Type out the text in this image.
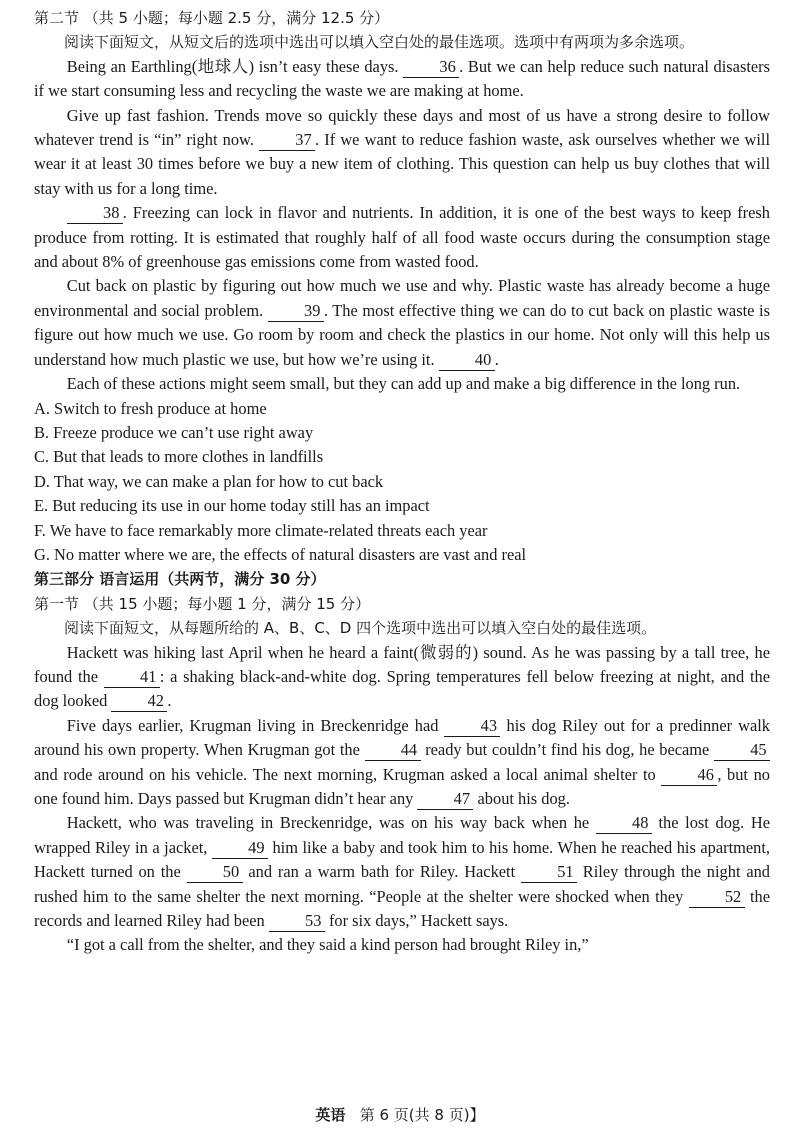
第二节 （共 5 小题；每小题 2.5 分，满分 12.5 分）

阅读下面短文，从短文后的选项中选出可以填入空白处的最佳选项。选项中有两项为多余选项。

Being an Earthling(地球人) isn’t easy these days. 36 . But we can help reduce such natural disasters if we start consuming less and recycling the waste we are making at home.

Give up fast fashion. Trends move so quickly these days and most of us have a strong desire to follow whatever trend is “in” right now. 37 . If we want to reduce fashion waste, ask ourselves whether we will wear it at least 30 times before we buy a new item of clothing. This question can help us buy clothes that will stay with us for a long time.

38 . Freezing can lock in flavor and nutrients. In addition, it is one of the best ways to keep fresh produce from rotting. It is estimated that roughly half of all food waste occurs during the consumption stage and about 8% of greenhouse gas emissions come from wasted food.

Cut back on plastic by figuring out how much we use and why. Plastic waste has already become a huge environmental and social problem. 39 . The most effective thing we can do to cut back on plastic waste is figure out how much we use. Go room by room and check the plastics in our home. Not only will this help us understand how much plastic we use, but how we’re using it. 40 .

Each of these actions might seem small, but they can add up and make a big difference in the long run.

A. Switch to fresh produce at home

B. Freeze produce we can’t use right away

C. But that leads to more clothes in landfills

D. That way, we can make a plan for how to cut back

E. But reducing its use in our home today still has an impact

F. We have to face remarkably more climate-related threats each year

G. No matter where we are, the effects of natural disasters are vast and real

第三部分 语言运用（共两节，满分 30 分）

第一节 （共 15 小题；每小题 1 分，满分 15 分）

阅读下面短文，从每题所给的 A、B、C、D 四个选项中选出可以填入空白处的最佳选项。

Hackett was hiking last April when he heard a faint(微弱的) sound. As he was passing by a tall tree, he found the 41 : a shaking black-and-white dog. Spring temperatures fell below freezing at night, and the dog looked 42 .

Five days earlier, Krugman living in Breckenridge had 43 his dog Riley out for a predinner walk around his own property. When Krugman got the 44 ready but couldn’t find his dog, he became 45 and rode around on his vehicle. The next morning, Krugman asked a local animal shelter to 46 , but no one found him. Days passed but Krugman didn’t hear any 47 about his dog.

Hackett, who was traveling in Breckenridge, was on his way back when he 48 the lost dog. He wrapped Riley in a jacket, 49 him like a baby and took him to his home. When he reached his apartment, Hackett turned on the 50 and ran a warm bath for Riley. Hackett 51 Riley through the night and rushed him to the same shelter the next morning. “People at the shelter were shocked when they 52 the records and learned Riley had been 53 for six days,” Hackett says.

“I got a call from the shelter, and they said a kind person had brought Riley in,”

英语 第 6 页(共 8 页)】
